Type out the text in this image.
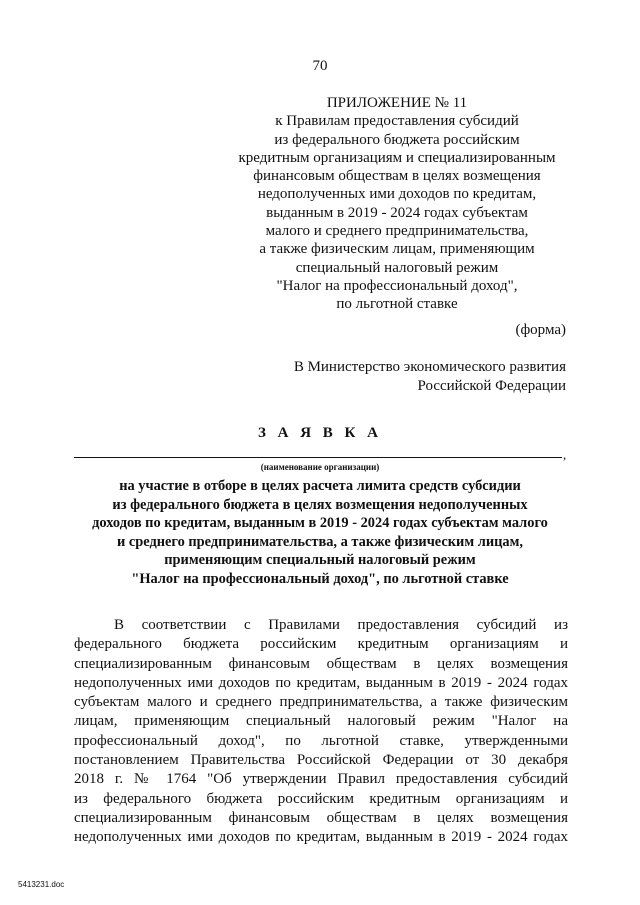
70
ПРИЛОЖЕНИЕ № 11
к Правилам предоставления субсидий
из федерального бюджета российским
кредитным организациям и специализированным
финансовым обществам в целях возмещения
недополученных ими доходов по кредитам,
выданным в 2019 - 2024 годах субъектам
малого и среднего предпринимательства,
а также физическим лицам, применяющим
специальный налоговый режим
"Налог на профессиональный доход",
по льготной ставке
(форма)
В Министерство экономического развития
Российской Федерации
З А Я В К А
,
(наименование организации)
на участие в отборе в целях расчета лимита средств субсидии
из федерального бюджета в целях возмещения недополученных
доходов по кредитам, выданным в 2019 - 2024 годах субъектам малого
и среднего предпринимательства, а также физическим лицам,
применяющим специальный налоговый режим
"Налог на профессиональный доход", по льготной ставке
В соответствии с Правилами предоставления субсидий из
федерального бюджета российским кредитным организациям и
специализированным финансовым обществам в целях возмещения
недополученных ими доходов по кредитам, выданным в 2019 - 2024 годах
субъектам малого и среднего предпринимательства, а также физическим
лицам, применяющим специальный налоговый режим "Налог на
профессиональный доход", по льготной ставке, утвержденными
постановлением Правительства Российской Федерации от 30 декабря
2018 г. № 1764 "Об утверждении Правил предоставления субсидий
из федерального бюджета российским кредитным организациям и
специализированным финансовым обществам в целях возмещения
недополученных ими доходов по кредитам, выданным в 2019 - 2024 годах
5413231.doc
